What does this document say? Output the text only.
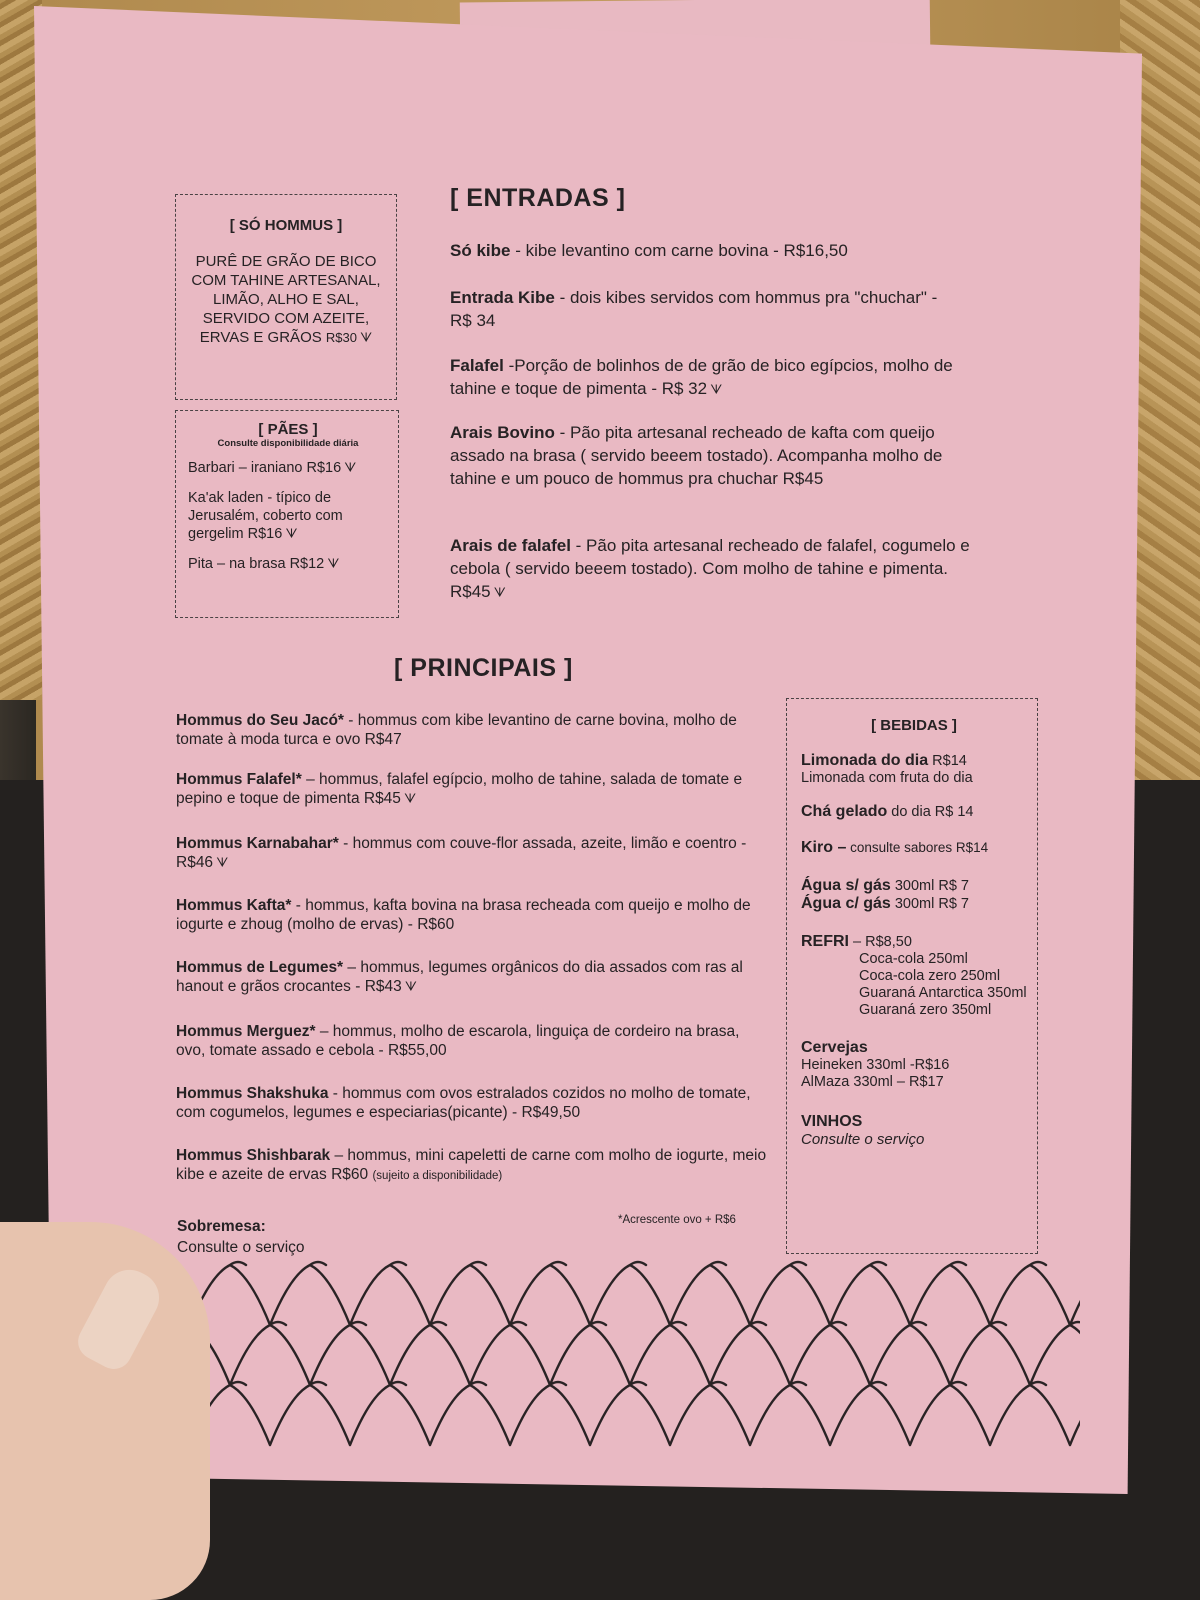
[ SÓ HOMMUS ]

PURÊ DE GRÃO DE BICO COM TAHINE ARTESANAL, LIMÃO, ALHO E SAL, SERVIDO COM AZEITE, ERVAS E GRÃOS R$30 ᗐ

[ PÃES ]

Consulte disponibilidade diária

Barbari – iraniano R$16 ᗐ

Ka'ak laden - típico de Jerusalém, coberto com gergelim R$16 ᗐ

Pita – na brasa R$12 ᗐ

[ ENTRADAS ]

Só kibe - kibe levantino com carne bovina - R$16,50

Entrada Kibe - dois kibes servidos com hommus pra "chuchar" - R$ 34

Falafel -Porção de bolinhos de de grão de bico egípcios, molho de tahine e toque de pimenta - R$ 32 ᗐ

Arais Bovino - Pão pita artesanal recheado de kafta com queijo assado na brasa ( servido beeem tostado). Acompanha molho de tahine e um pouco de hommus pra chuchar R$45

Arais de falafel - Pão pita artesanal recheado de falafel, cogumelo e cebola ( servido beeem tostado). Com molho de tahine e pimenta. R$45 ᗐ

[ PRINCIPAIS ]

Hommus do Seu Jacó* - hommus com kibe levantino de carne bovina, molho de tomate à moda turca e ovo R$47

Hommus Falafel* – hommus, falafel egípcio, molho de tahine, salada de tomate e pepino e toque de pimenta R$45 ᗐ

Hommus Karnabahar* - hommus com couve-flor assada, azeite, limão e coentro - R$46 ᗐ

Hommus Kafta* - hommus, kafta bovina na brasa recheada com queijo e molho de iogurte e zhoug (molho de ervas) - R$60

Hommus de Legumes* – hommus, legumes orgânicos do dia assados com ras al hanout e grãos crocantes - R$43 ᗐ

Hommus Merguez* – hommus, molho de escarola, linguiça de cordeiro na brasa, ovo, tomate assado e cebola - R$55,00

Hommus Shakshuka - hommus com ovos estralados cozidos no molho de tomate, com cogumelos, legumes e especiarias(picante) - R$49,50

Hommus Shishbarak – hommus, mini capeletti de carne com molho de iogurte, meio kibe e azeite de ervas R$60 (sujeito a disponibilidade)

*Acrescente ovo + R$6

Sobremesa:

Consulte o serviço

[ BEBIDAS ]

Limonada do dia R$14

Limonada com fruta do dia

Chá gelado do dia R$ 14

Kiro – consulte sabores R$14

Água s/ gás 300ml R$ 7

Água c/ gás 300ml R$ 7

REFRI – R$8,50

Coca-cola 250ml

Coca-cola zero 250ml

Guaraná Antarctica 350ml

Guaraná zero 350ml

Cervejas

Heineken 330ml -R$16

AlMaza 330ml – R$17

VINHOS

Consulte o serviço
